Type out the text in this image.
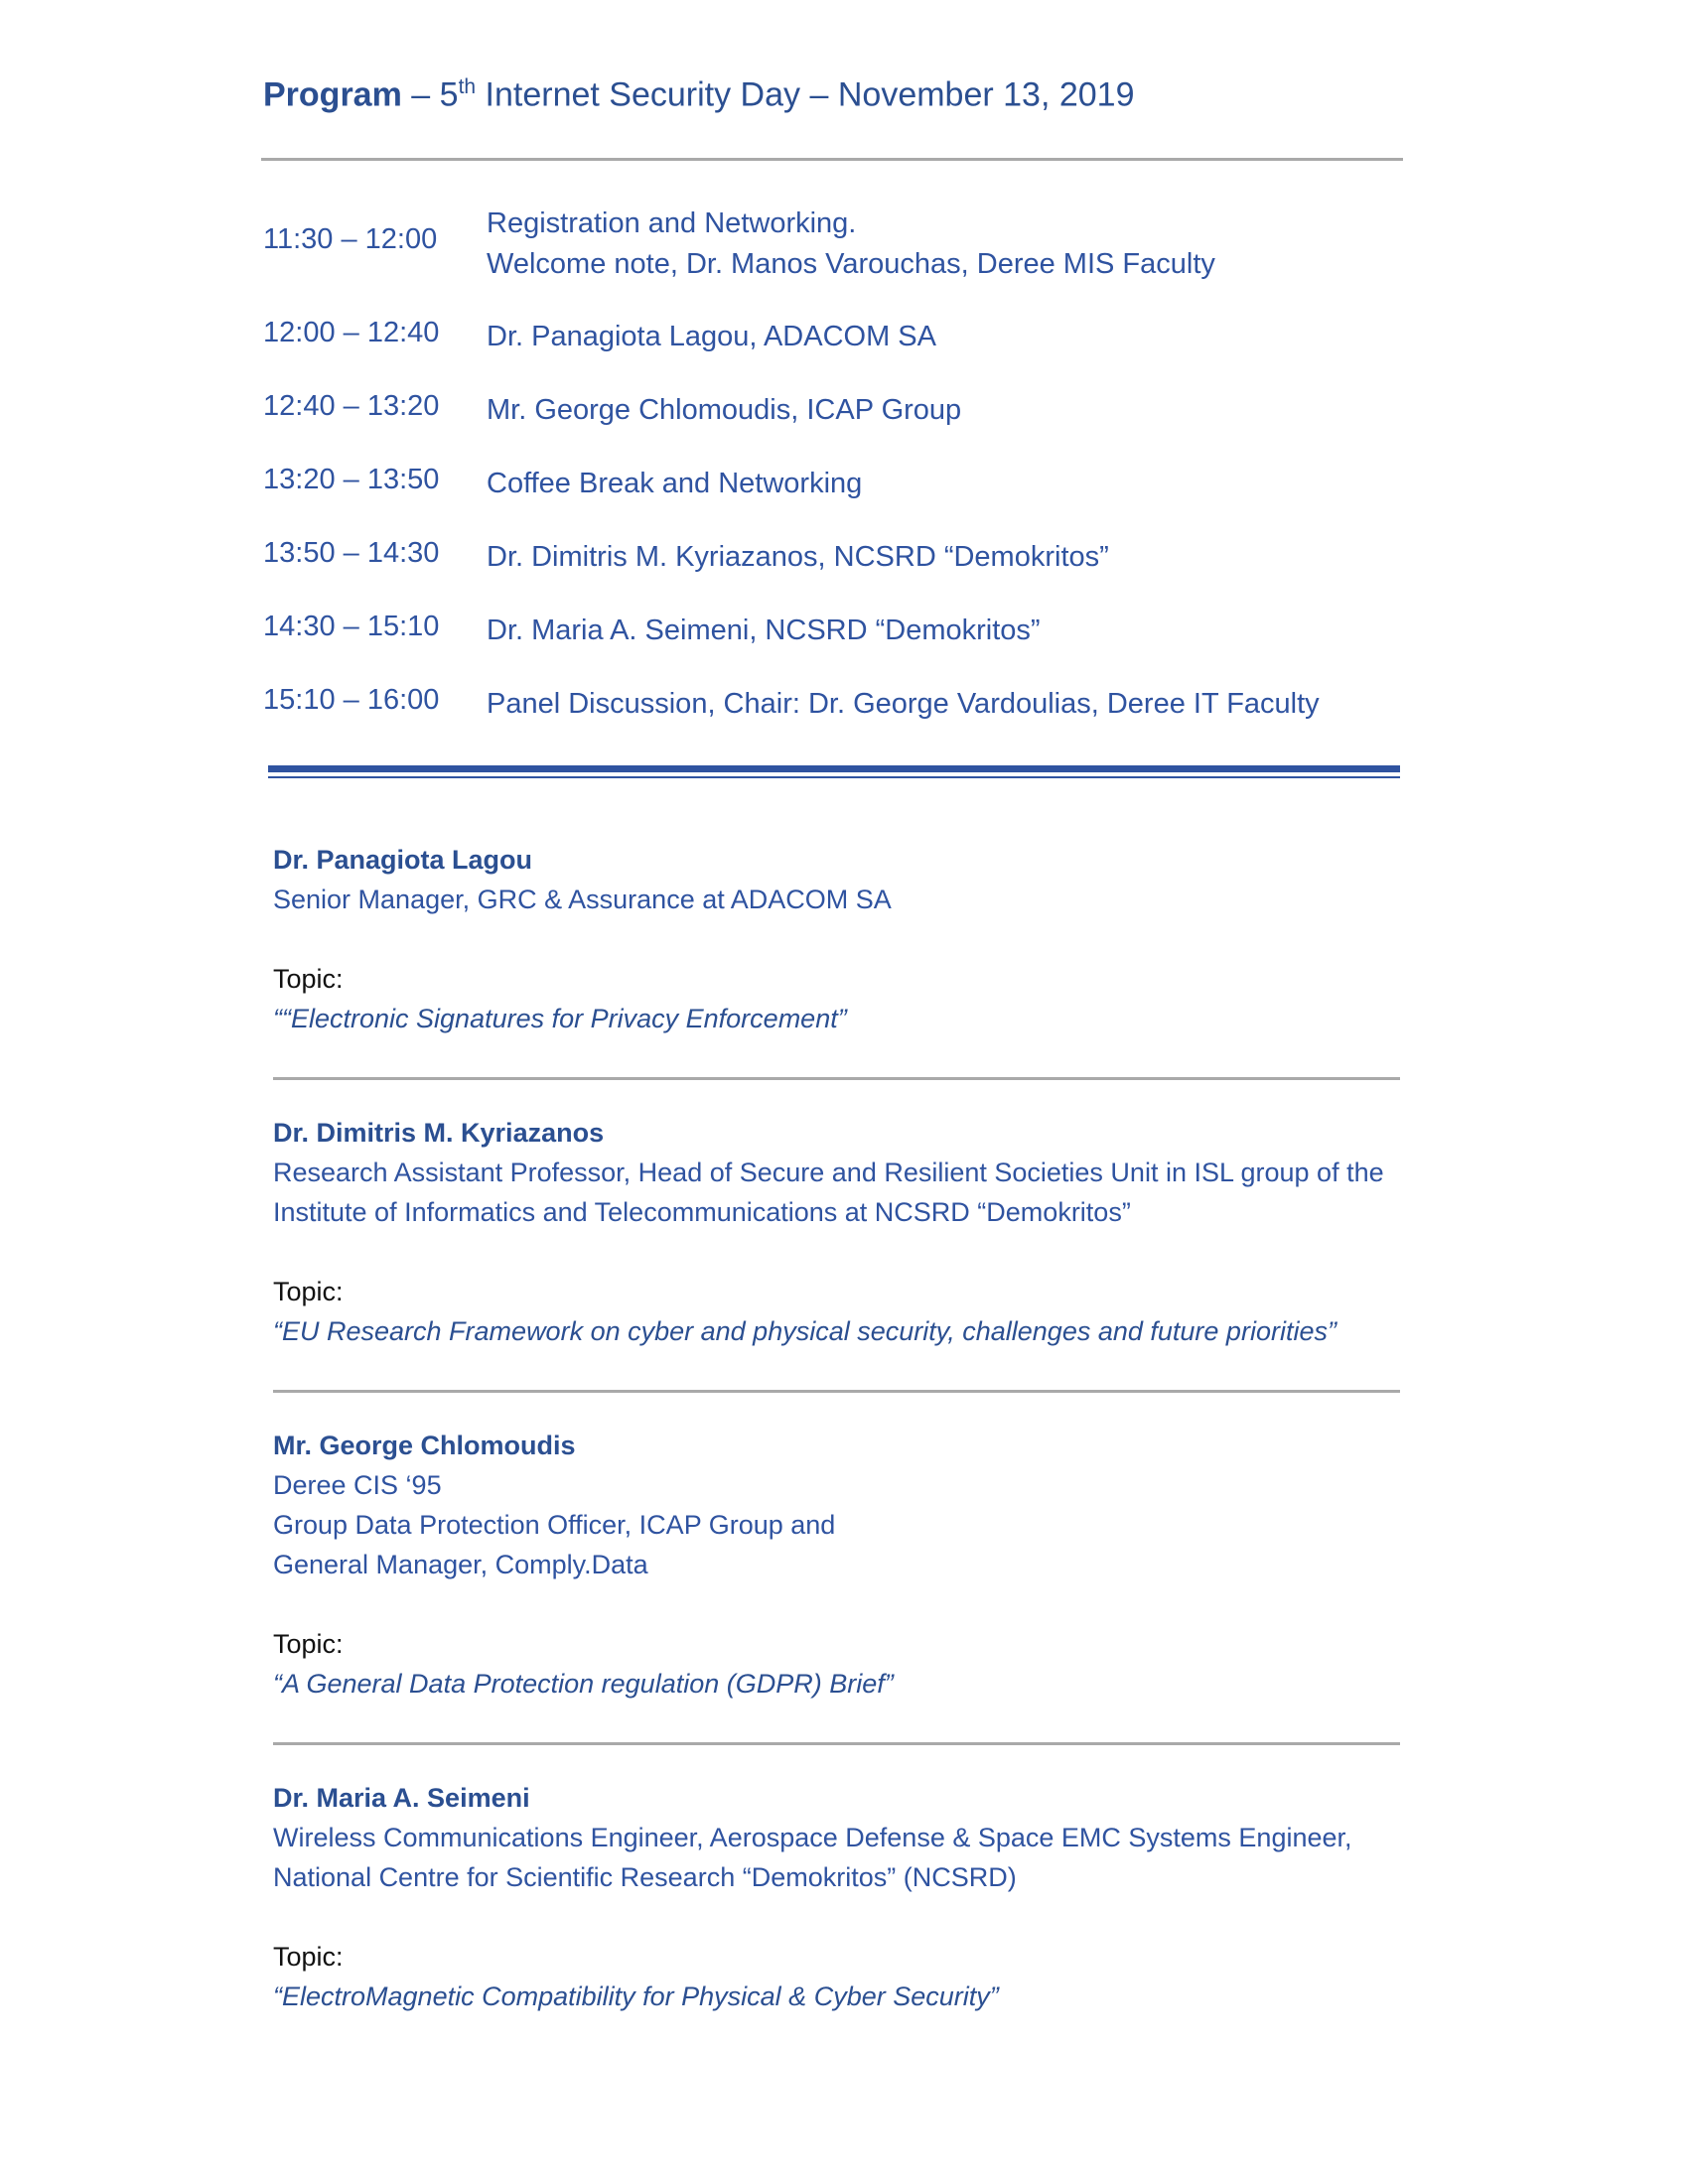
Program – 5th Internet Security Day – November 13, 2019
11:30 – 12:00 Registration and Networking.
Welcome note, Dr. Manos Varouchas, Deree MIS Faculty
12:00 – 12:40 Dr. Panagiota Lagou, ADACOM SA
12:40 – 13:20 Mr. George Chlomoudis, ICAP Group
13:20 – 13:50 Coffee Break and Networking
13:50 – 14:30 Dr. Dimitris M. Kyriazanos, NCSRD “Demokritos”
14:30 – 15:10 Dr. Maria A. Seimeni, NCSRD “Demokritos”
15:10 – 16:00 Panel Discussion, Chair: Dr. George Vardoulias, Deree IT Faculty
Dr. Panagiota Lagou
Senior Manager, GRC & Assurance at ADACOM SA
Topic:
““Electronic Signatures for Privacy Enforcement”
Dr. Dimitris M. Kyriazanos
Research Assistant Professor, Head of Secure and Resilient Societies Unit in ISL group of the
Institute of Informatics and Telecommunications at NCSRD “Demokritos”
Topic:
“EU Research Framework on cyber and physical security, challenges and future priorities”
Mr. George Chlomoudis
Deree CIS ‘95
Group Data Protection Officer, ICAP Group and
General Manager, Comply.Data
Topic:
“A General Data Protection regulation (GDPR) Brief”
Dr. Maria A. Seimeni
Wireless Communications Engineer, Aerospace Defense & Space EMC Systems Engineer,
National Centre for Scientific Research “Demokritos” (NCSRD)
Topic:
“ElectroMagnetic Compatibility for Physical & Cyber Security”
